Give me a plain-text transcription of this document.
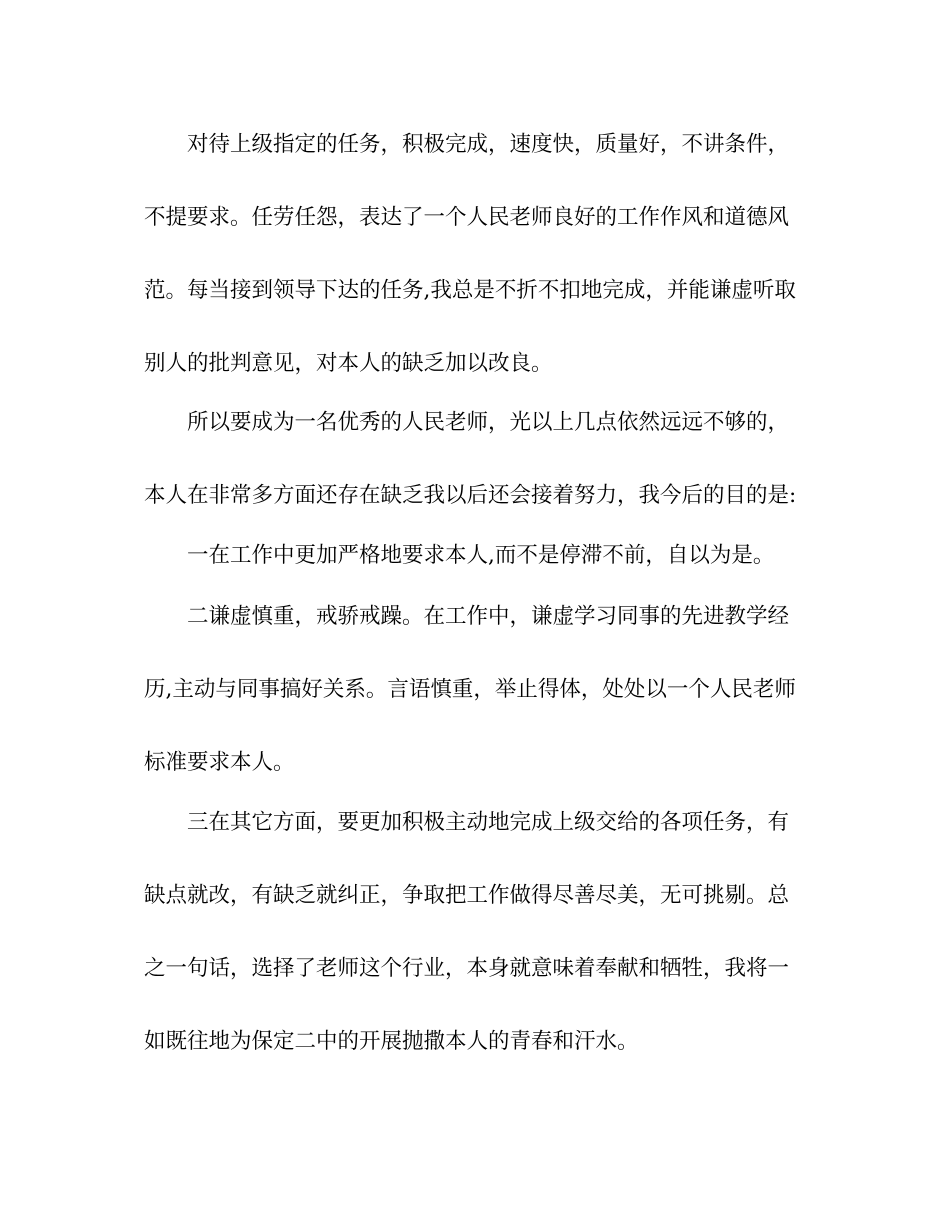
对待上级指定的任务，积极完成，速度快，质量好，不讲条件，
不提要求。任劳任怨，表达了一个人民老师良好的工作作风和道德风
范。每当接到领导下达的任务,我总是不折不扣地完成，并能谦虚听取
别人的批判意见，对本人的缺乏加以改良。
所以要成为一名优秀的人民老师，光以上几点依然远远不够的，
本人在非常多方面还存在缺乏我以后还会接着努力，我今后的目的是:
一在工作中更加严格地要求本人,而不是停滞不前，自以为是。
二谦虚慎重，戒骄戒躁。在工作中，谦虚学习同事的先进教学经
历,主动与同事搞好关系。言语慎重，举止得体，处处以一个人民老师
标准要求本人。
三在其它方面，要更加积极主动地完成上级交给的各项任务，有
缺点就改，有缺乏就纠正，争取把工作做得尽善尽美，无可挑剔。总
之一句话，选择了老师这个行业，本身就意味着奉献和牺牲，我将一
如既往地为保定二中的开展抛撒本人的青春和汗水。
